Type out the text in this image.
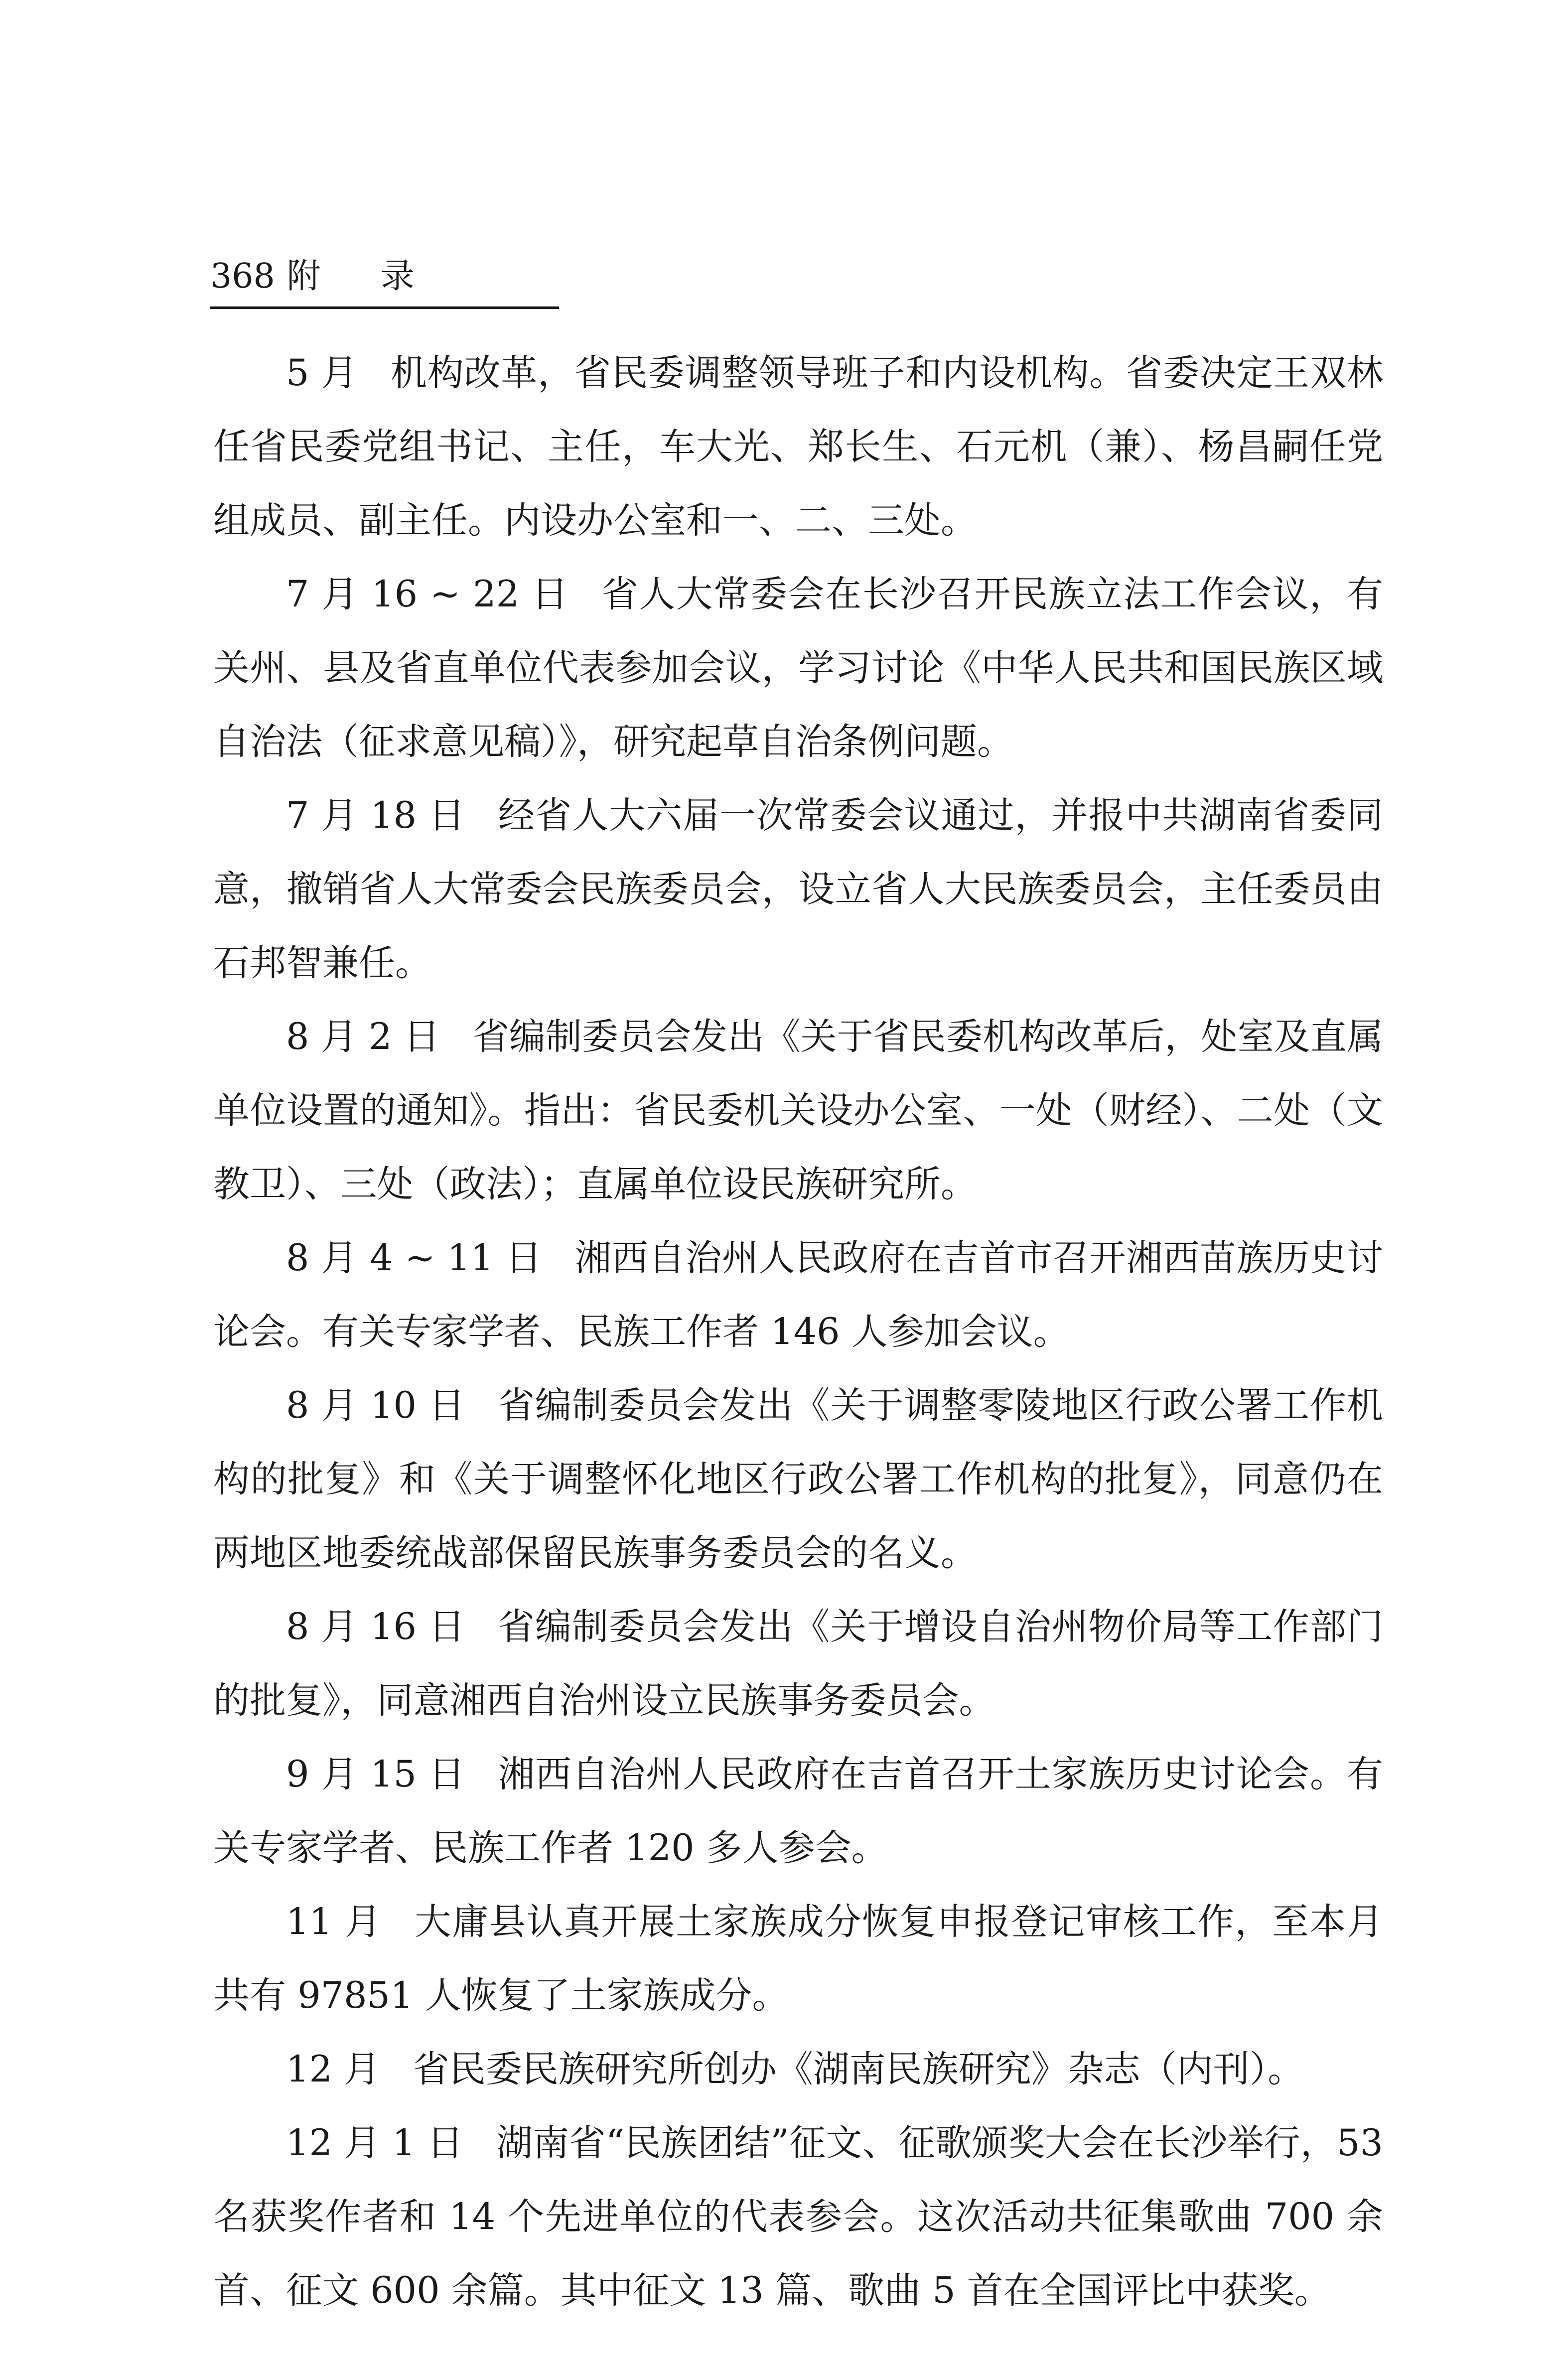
368 附 录

5 月 机构改革，省民委调整领导班子和内设机构。省委决定王双林任省民委党组书记、主任，车大光、郑长生、石元机（兼）、杨昌嗣任党组成员、副主任。内设办公室和一、二、三处。

7 月 16 ~ 22 日 省人大常委会在长沙召开民族立法工作会议，有关州、县及省直单位代表参加会议，学习讨论《中华人民共和国民族区域自治法（征求意见稿）》，研究起草自治条例问题。

7 月 18 日 经省人大六届一次常委会议通过，并报中共湖南省委同意，撤销省人大常委会民族委员会，设立省人大民族委员会，主任委员由石邦智兼任。

8 月 2 日 省编制委员会发出《关于省民委机构改革后，处室及直属单位设置的通知》。指出：省民委机关设办公室、一处（财经）、二处（文教卫）、三处（政法）；直属单位设民族研究所。

8 月 4 ~ 11 日 湘西自治州人民政府在吉首市召开湘西苗族历史讨论会。有关专家学者、民族工作者 146 人参加会议。

8 月 10 日 省编制委员会发出《关于调整零陵地区行政公署工作机构的批复》和《关于调整怀化地区行政公署工作机构的批复》，同意仍在两地区地委统战部保留民族事务委员会的名义。

8 月 16 日 省编制委员会发出《关于增设自治州物价局等工作部门的批复》，同意湘西自治州设立民族事务委员会。

9 月 15 日 湘西自治州人民政府在吉首召开土家族历史讨论会。有关专家学者、民族工作者 120 多人参会。

11 月 大庸县认真开展土家族成分恢复申报登记审核工作，至本月共有 97851 人恢复了土家族成分。

12 月 省民委民族研究所创办《湖南民族研究》杂志（内刊）。

12 月 1 日 湖南省“民族团结”征文、征歌颁奖大会在长沙举行，53 名获奖作者和 14 个先进单位的代表参会。这次活动共征集歌曲 700 余首、征文 600 余篇。其中征文 13 篇、歌曲 5 首在全国评比中获奖。
